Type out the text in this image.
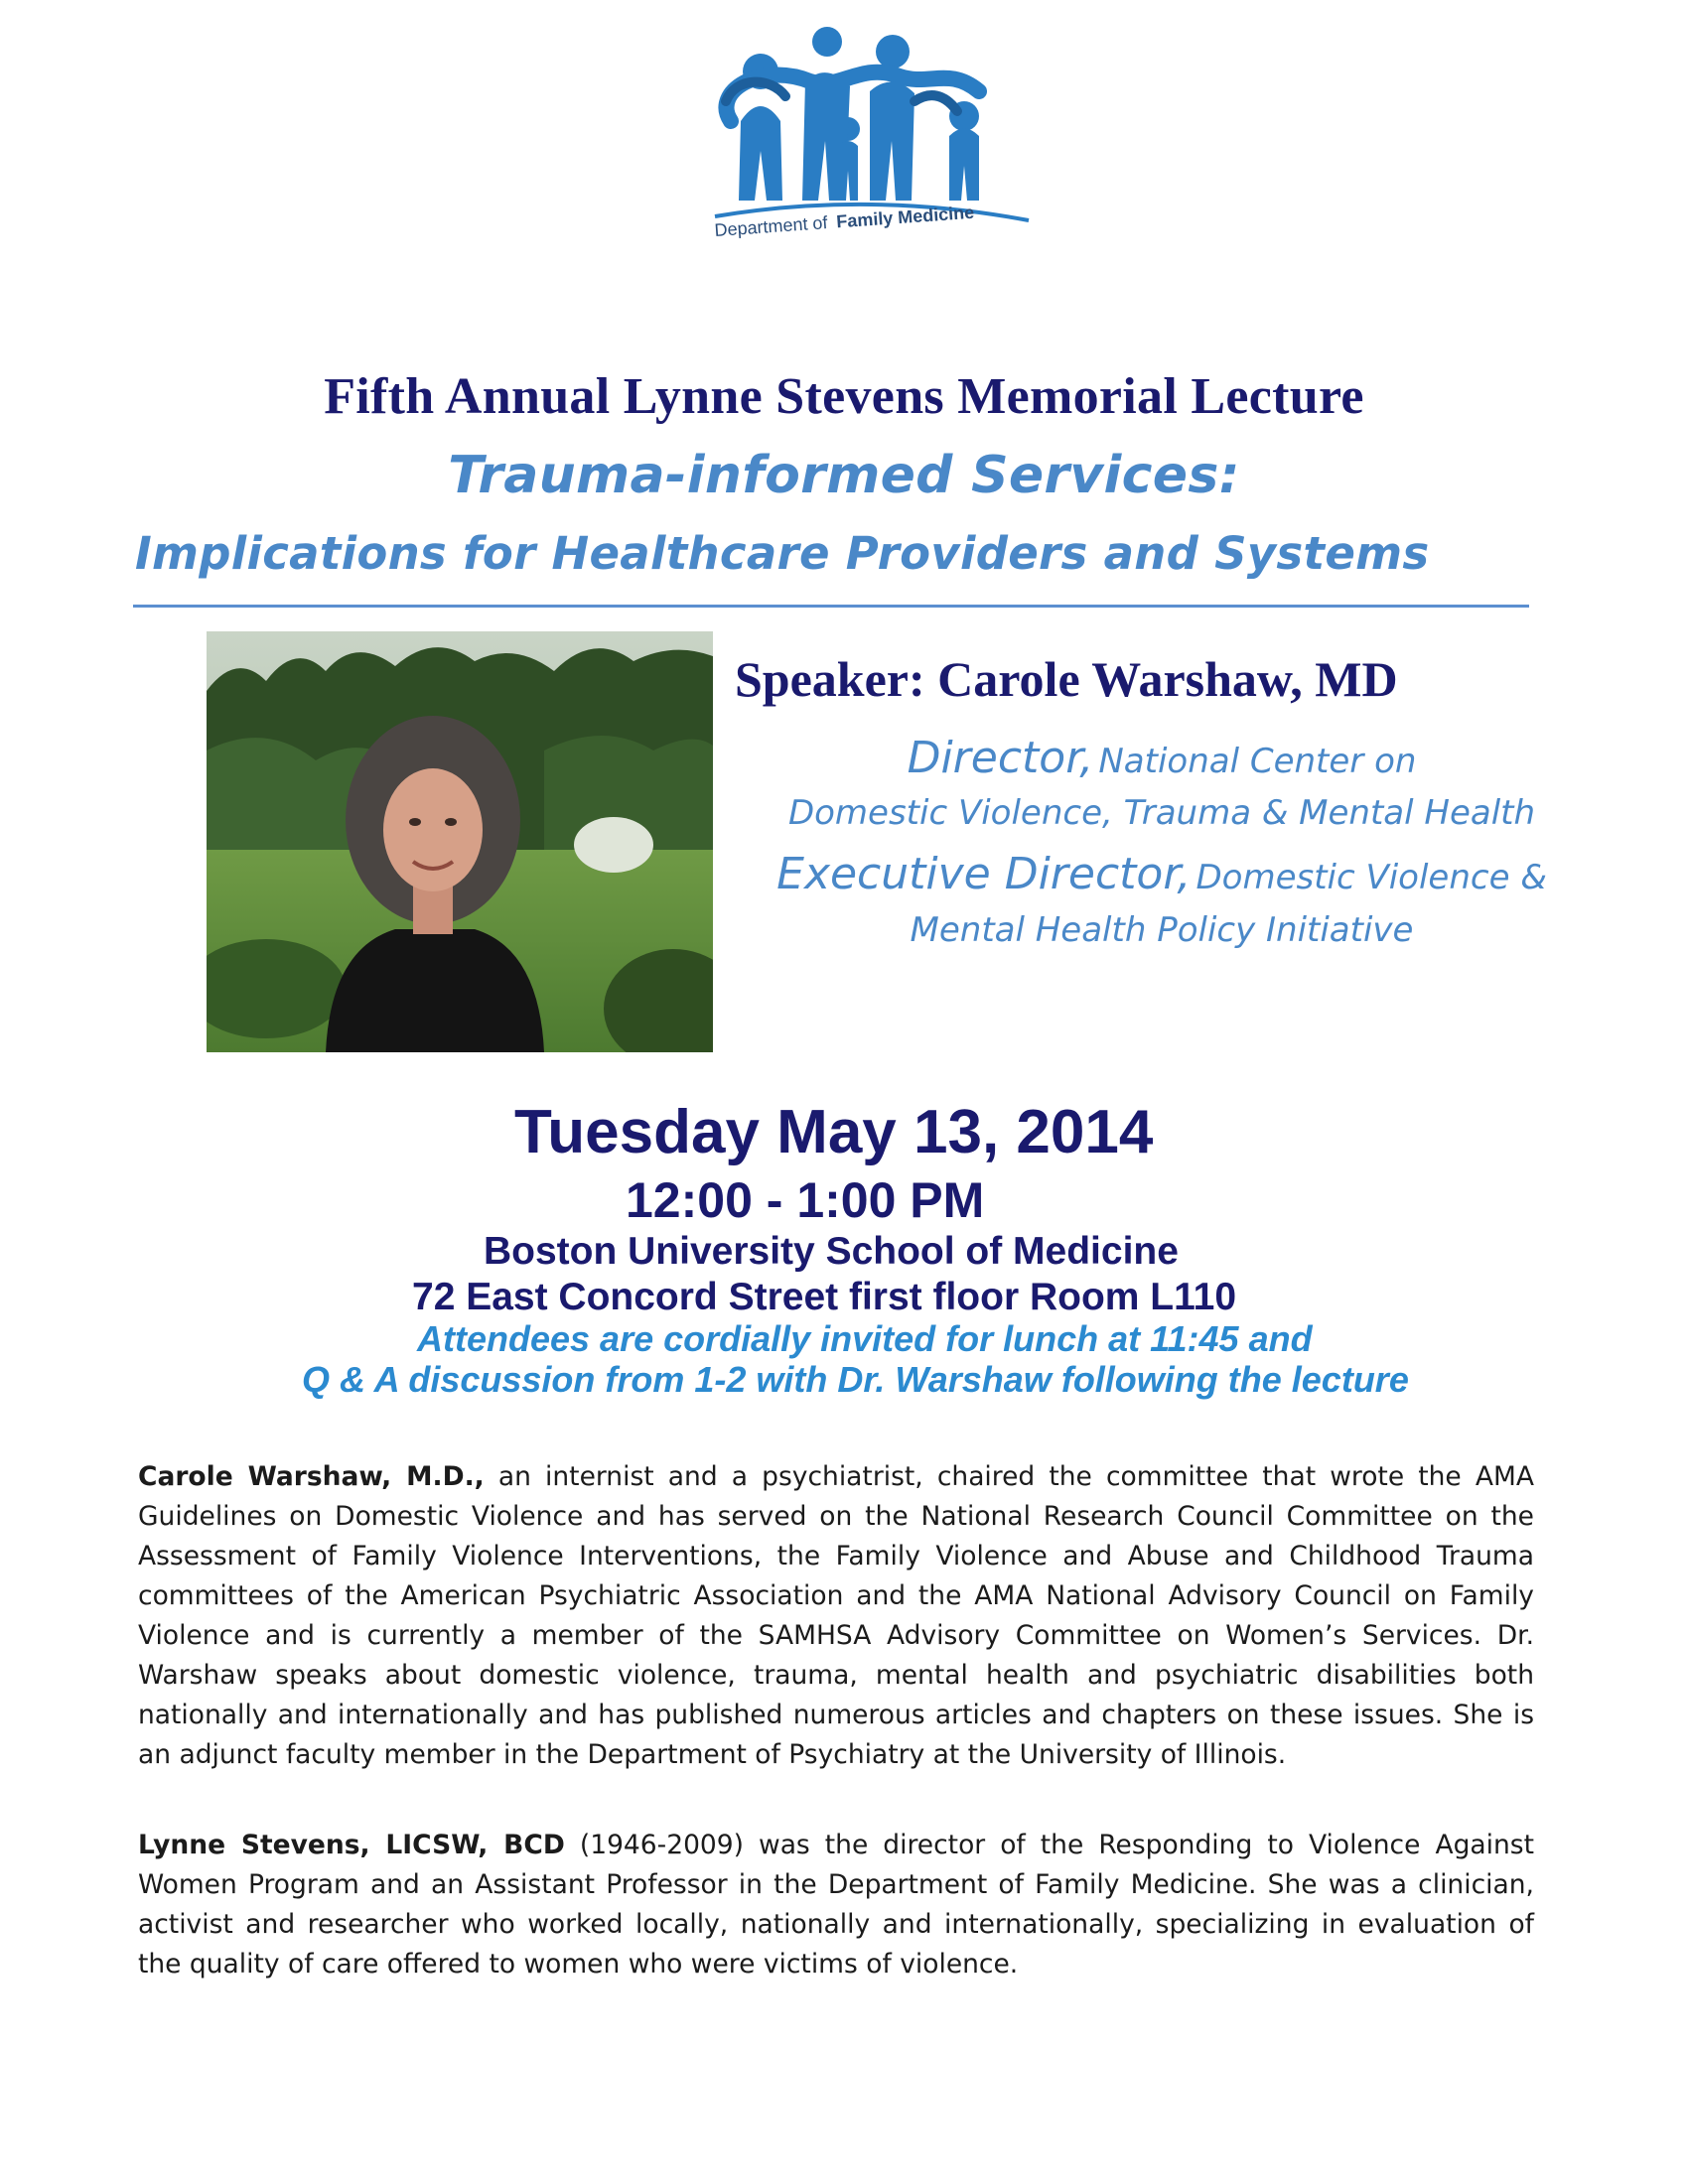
Department of Family Medicine
Fifth Annual Lynne Stevens Memorial Lecture
Trauma-informed Services:
Implications for Healthcare Providers and Systems
Speaker: Carole Warshaw, MD
Director, National Center on
Domestic Violence, Trauma & Mental Health
Executive Director, Domestic Violence &
Mental Health Policy Initiative
Tuesday May 13, 2014
12:00 - 1:00 PM
Boston University School of Medicine
72 East Concord Street first floor Room L110
Attendees are cordially invited for lunch at 11:45 and
Q & A discussion from 1-2 with Dr. Warshaw following the lecture
Carole Warshaw, M.D., an internist and a psychiatrist, chaired the committee that wrote the AMA Guidelines on Domestic Violence and has served on the National Research Council Committee on the Assessment of Family Violence Interventions, the Family Violence and Abuse and Childhood Trauma committees of the American Psychiatric Association and the AMA National Advisory Council on Family Violence and is currently a member of the SAMHSA Advisory Committee on Women’s Services. Dr. Warshaw speaks about domestic violence, trauma, mental health and psychiatric disabilities both nationally and internationally and has published numerous articles and chapters on these issues. She is an adjunct faculty member in the Department of Psychiatry at the University of Illinois.
Lynne Stevens, LICSW, BCD (1946-2009) was the director of the Responding to Violence Against Women Program and an Assistant Professor in the Department of Family Medicine. She was a clinician, activist and researcher who worked locally, nationally and internationally, specializing in evaluation of the quality of care offered to women who were victims of violence.
